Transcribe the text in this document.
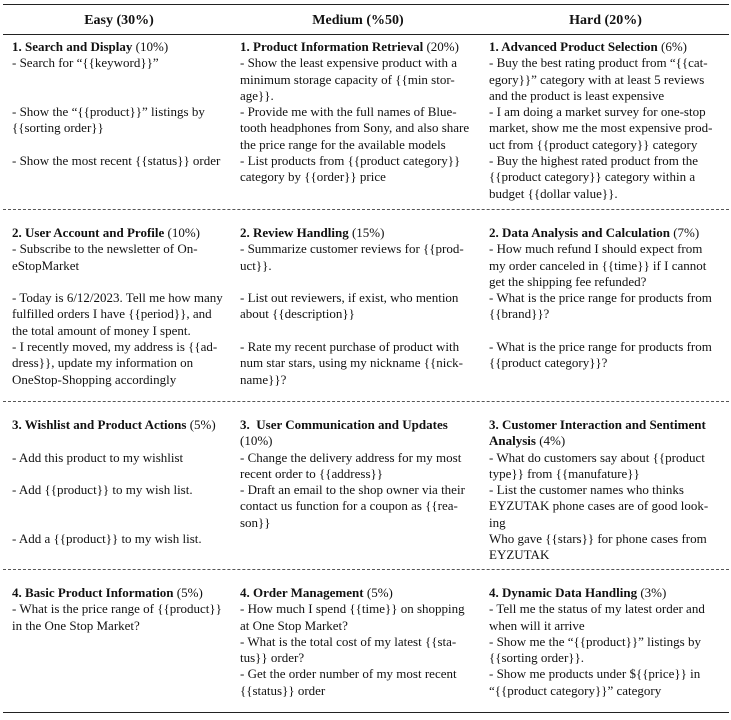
Easy (30%)	Medium (%50)	Hard (20%)
1. Search and Display (10%)
- Search for “{{keyword}}”

- Show the “{{product}}” listings by
{{sorting order}}

- Show the most recent {{status}} order
1. Product Information Retrieval (20%)
- Show the least expensive product with a
minimum storage capacity of {{min stor-
age}}.
- Provide me with the full names of Blue-
tooth headphones from Sony, and also share
the price range for the available models
- List products from {{product category}}
category by {{order}} price
1. Advanced Product Selection (6%)
- Buy the best rating product from “{{cat-
egory}}” category with at least 5 reviews
and the product is least expensive
- I am doing a market survey for one-stop
market, show me the most expensive prod-
uct from {{product category}} category
- Buy the highest rated product from the
{{product category}} category within a
budget {{dollar value}}.
2. User Account and Profile (10%)
- Subscribe to the newsletter of On-
eStopMarket

- Today is 6/12/2023. Tell me how many
fulfilled orders I have {{period}}, and
the total amount of money I spent.
- I recently moved, my address is {{ad-
dress}}, update my information on
OneStop-Shopping accordingly
2. Review Handling (15%)
- Summarize customer reviews for {{prod-
uct}}.

- List out reviewers, if exist, who mention
about {{description}}

- Rate my recent purchase of product with
num star stars, using my nickname {{nick-
name}}?
2. Data Analysis and Calculation (7%)
- How much refund I should expect from
my order canceled in {{time}} if I cannot
get the shipping fee refunded?
- What is the price range for products from
{{brand}}?

- What is the price range for products from
{{product category}}?
3. Wishlist and Product Actions (5%)

- Add this product to my wishlist

- Add {{product}} to my wish list.

- Add a {{product}} to my wish list.
3.  User Communication and Updates
(10%)
- Change the delivery address for my most
recent order to {{address}}
- Draft an email to the shop owner via their
contact us function for a coupon as {{rea-
son}}
3. Customer Interaction and Sentiment
Analysis (4%)
- What do customers say about {{product
type}} from {{manufature}}
- List the customer names who thinks
EYZUTAK phone cases are of good look-
ing
Who gave {{stars}} for phone cases from
EYZUTAK
4. Basic Product Information (5%)
- What is the price range of {{product}}
in the One Stop Market?
4. Order Management (5%)
- How much I spend {{time}} on shopping
at One Stop Market?
- What is the total cost of my latest {{sta-
tus}} order?
- Get the order number of my most recent
{{status}} order
4. Dynamic Data Handling (3%)
- Tell me the status of my latest order and
when will it arrive
- Show me the “{{product}}” listings by
{{sorting order}}.
- Show me products under ${{price}} in
“{{product category}}” category
